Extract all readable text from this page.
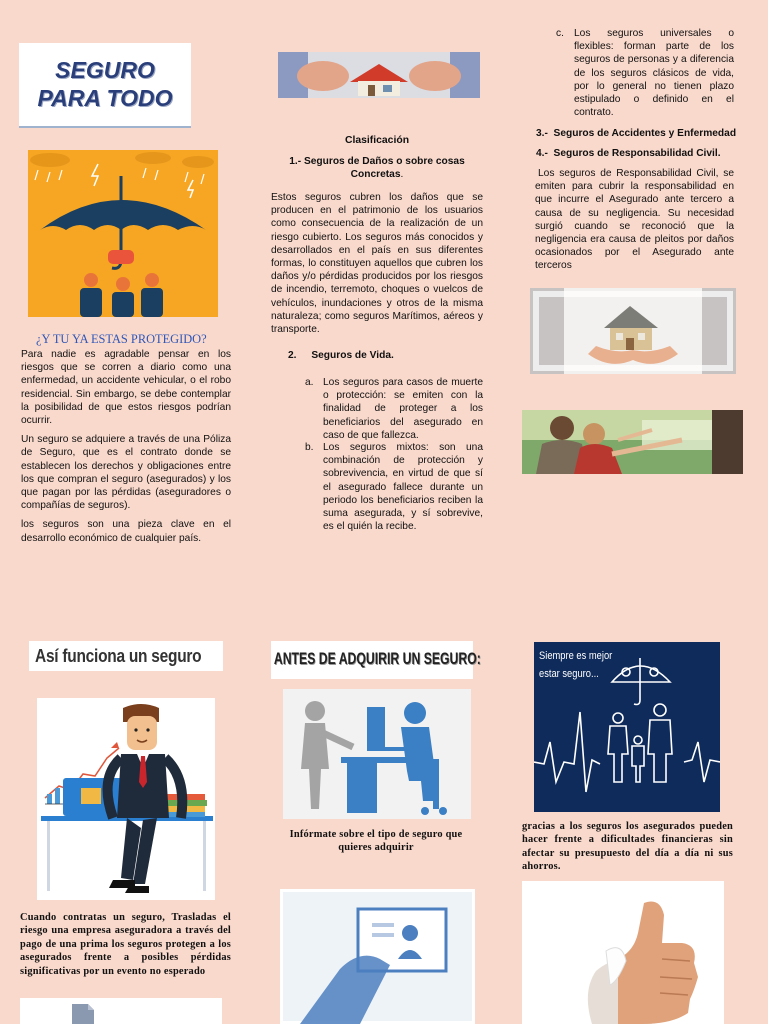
SEGURO
PARA TODO
¿Y TU YA ESTAS PROTEGIDO?

Para nadie es agradable pensar en los riesgos que se corren a diario como una enfermedad, un accidente vehicular, o el robo residencial. Sin embargo, se debe contemplar la posibilidad de que estos riesgos podrían ocurrir.

Un seguro se adquiere a través de una Póliza de Seguro, que es el contrato donde se establecen los derechos y obligaciones entre los que compran el seguro (asegurados) y los que pagan por las pérdidas (aseguradores o compañías de seguros).

los seguros son una pieza clave en el desarrollo económico de cualquier país.

Clasificación
1.- Seguros de Daños o sobre cosas Concretas.
Estos seguros cubren los daños que se producen en el patrimonio de los usuarios como consecuencia de la realización de un riesgo cubierto. Los seguros más conocidos y desarrollados en el país en sus diferentes formas, lo constituyen aquellos que cubren los daños y/o pérdidas producidos por los riesgos de incendio, terremoto, choques o vuelcos de vehículos, inundaciones y otros de la misma naturaleza; como seguros Marítimos, aéreos y transporte.
2. Seguros de Vida.
a. Los seguros para casos de muerte o protección: se emiten con la finalidad de proteger a los beneficiarios del asegurado en caso de que fallezca.

b. Los seguros mixtos: son una combinación de protección y sobrevivencia, en virtud de que sí el asegurado fallece durante un periodo los beneficiarios reciben la suma asegurada, y sí sobrevive, es el quién la recibe.

c. Los seguros universales o flexibles: forman parte de los seguros de personas y a diferencia de los seguros clásicos de vida, por lo general no tienen plazo estipulado o definido en el contrato.

3.-  Seguros de Accidentes y Enfermedad
4.-  Seguros de Responsabilidad Civil.
Los seguros de Responsabilidad Civil, se emiten para cubrir la responsabilidad en que incurre el Asegurado ante tercero a causa de su negligencia. Su necesidad surgió cuando se reconoció que la negligencia era causa de pleitos por daños ocasionados por el Asegurado ante terceros
Así funciona un seguro
Cuando contratas un seguro, Trasladas el riesgo una empresa aseguradora a través del pago de una prima los seguros protegen a los asegurados frente a posibles pérdidas significativas por un evento no esperado
ANTES DE ADQUIRIR UN SEGURO:
Infórmate sobre el tipo de seguro que quieres adquirir
Siempre es mejor
estar seguro...
gracias a los seguros los asegurados pueden hacer frente a dificultades financieras sin afectar su presupuesto del día a día ni sus ahorros.
